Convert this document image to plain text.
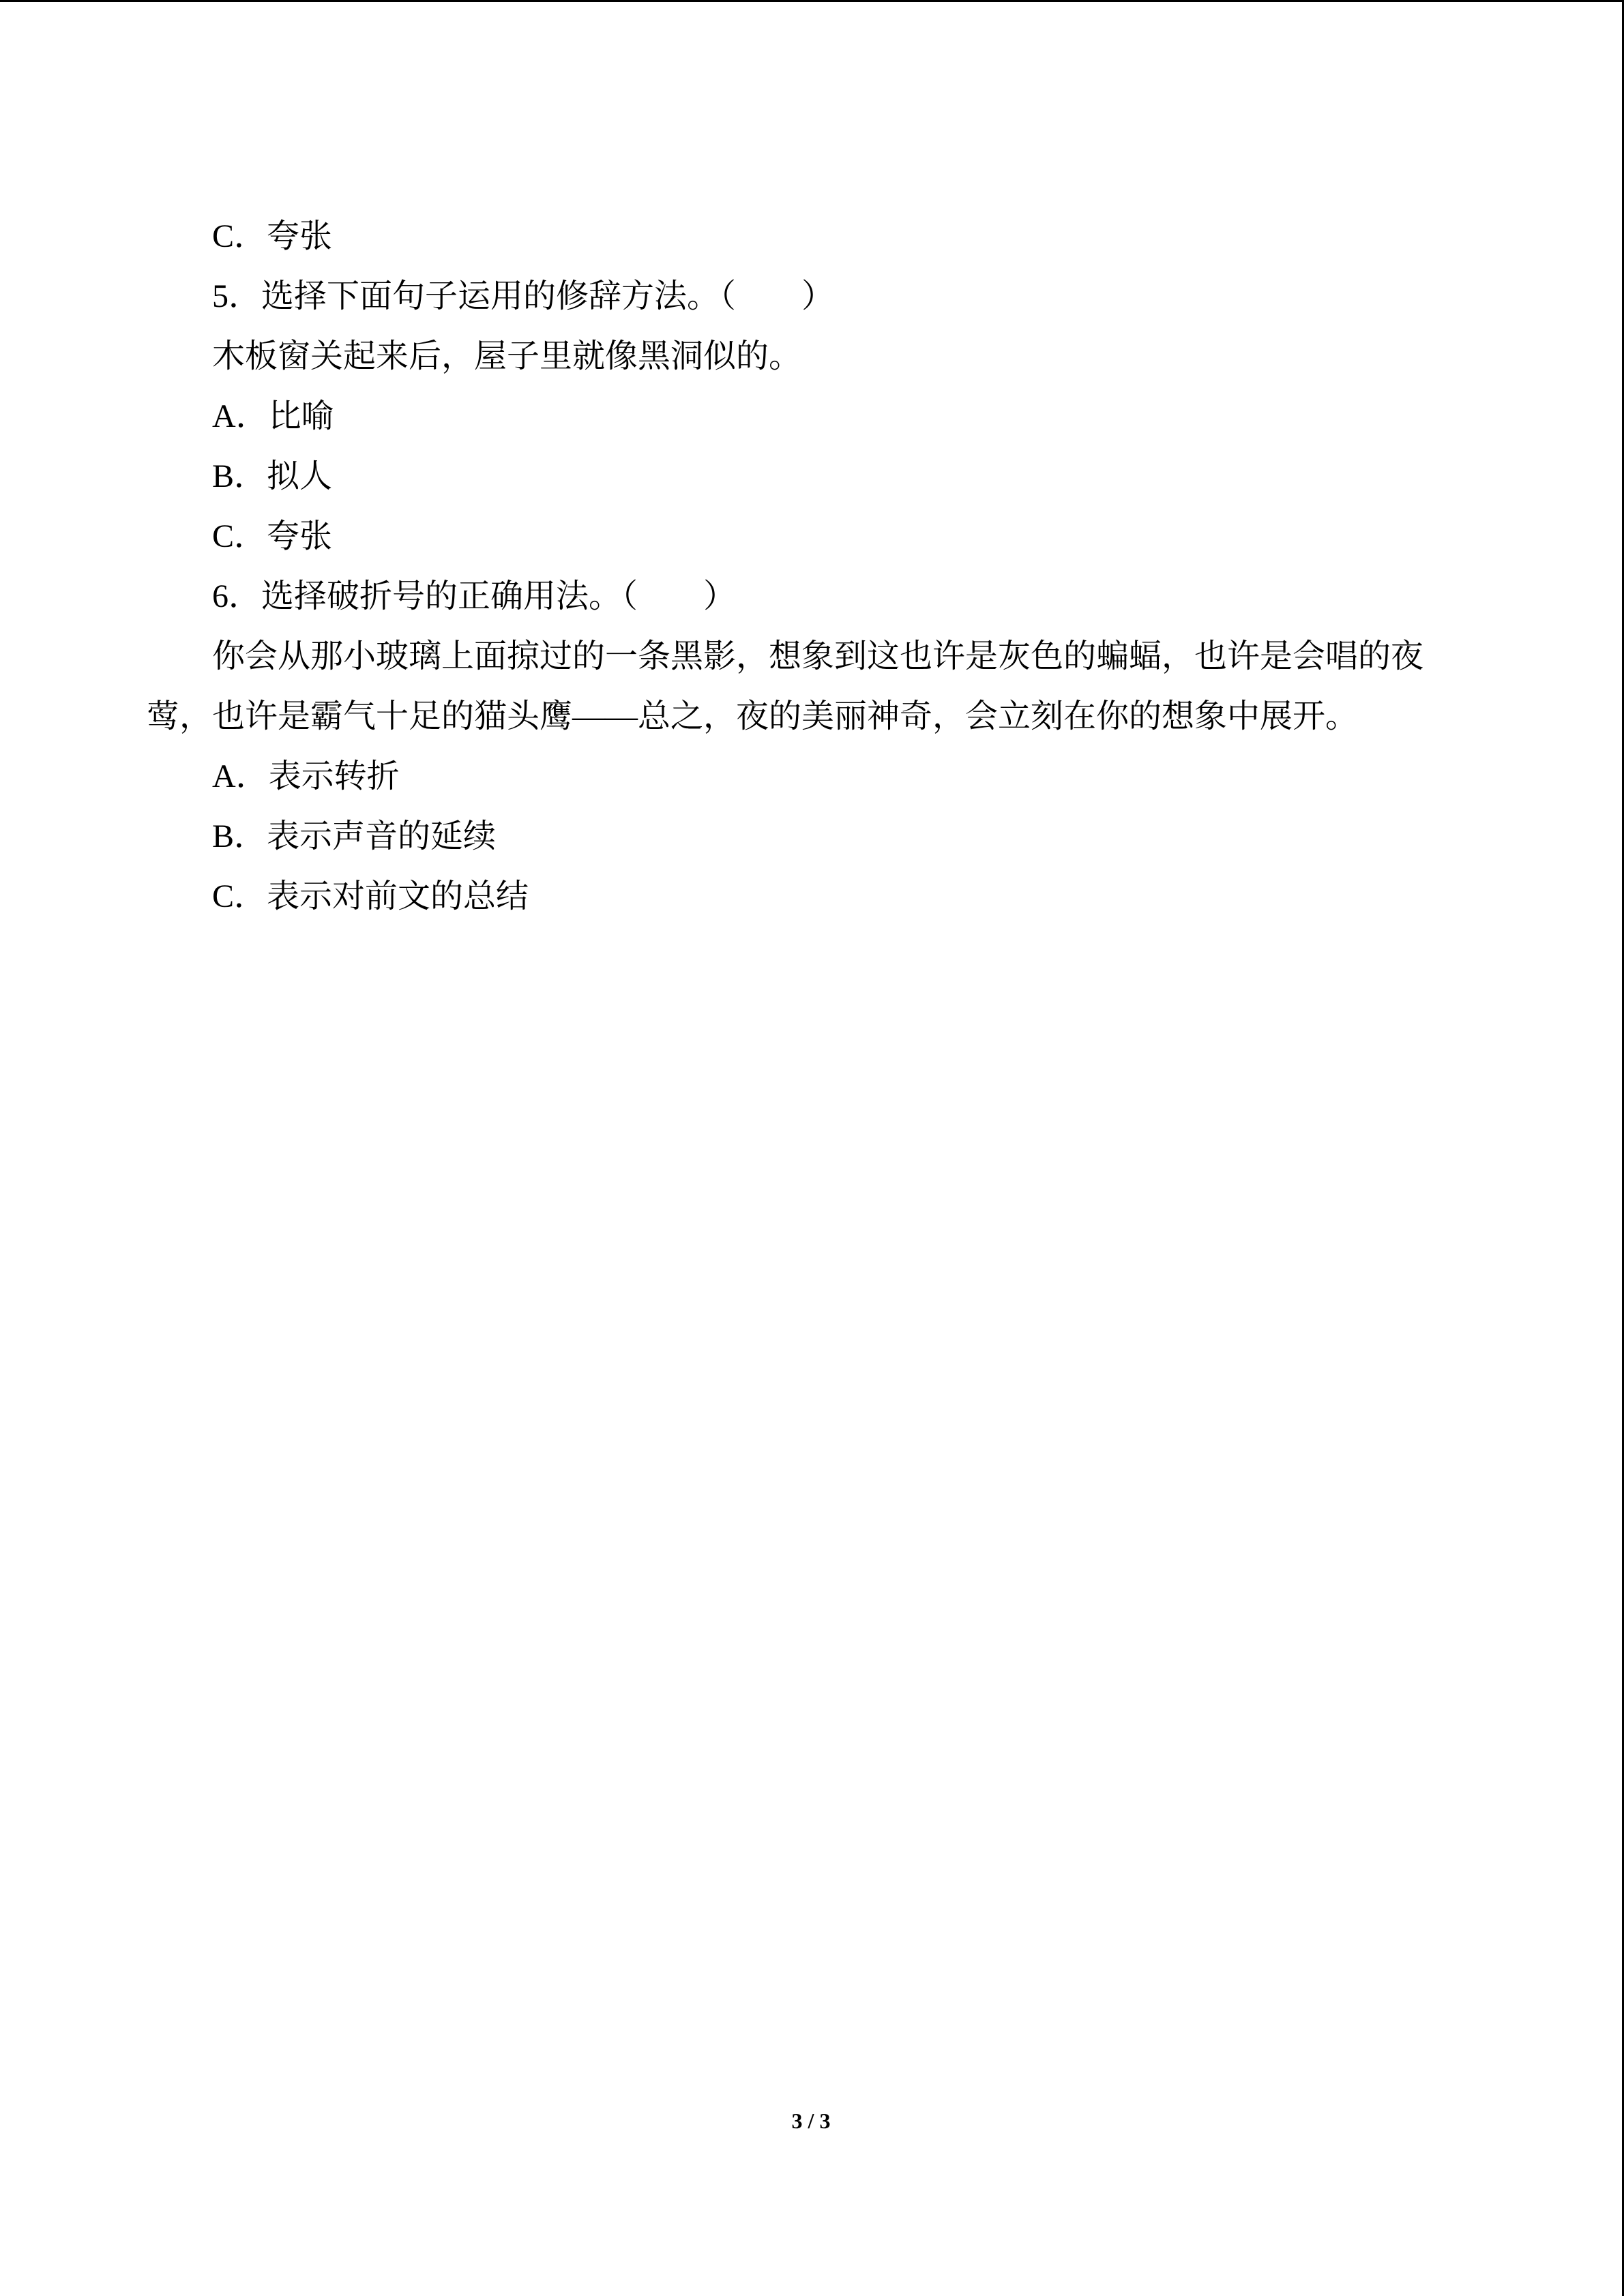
C．夸张
5．选择下面句子运用的修辞方法。（　　）
木板窗关起来后，屋子里就像黑洞似的。
A．比喻
B．拟人
C．夸张
6．选择破折号的正确用法。（　　）
你会从那小玻璃上面掠过的一条黑影，想象到这也许是灰色的蝙蝠，也许是会唱的夜
莺，也许是霸气十足的猫头鹰——总之，夜的美丽神奇，会立刻在你的想象中展开。
A．表示转折
B．表示声音的延续
C．表示对前文的总结
3 / 3
